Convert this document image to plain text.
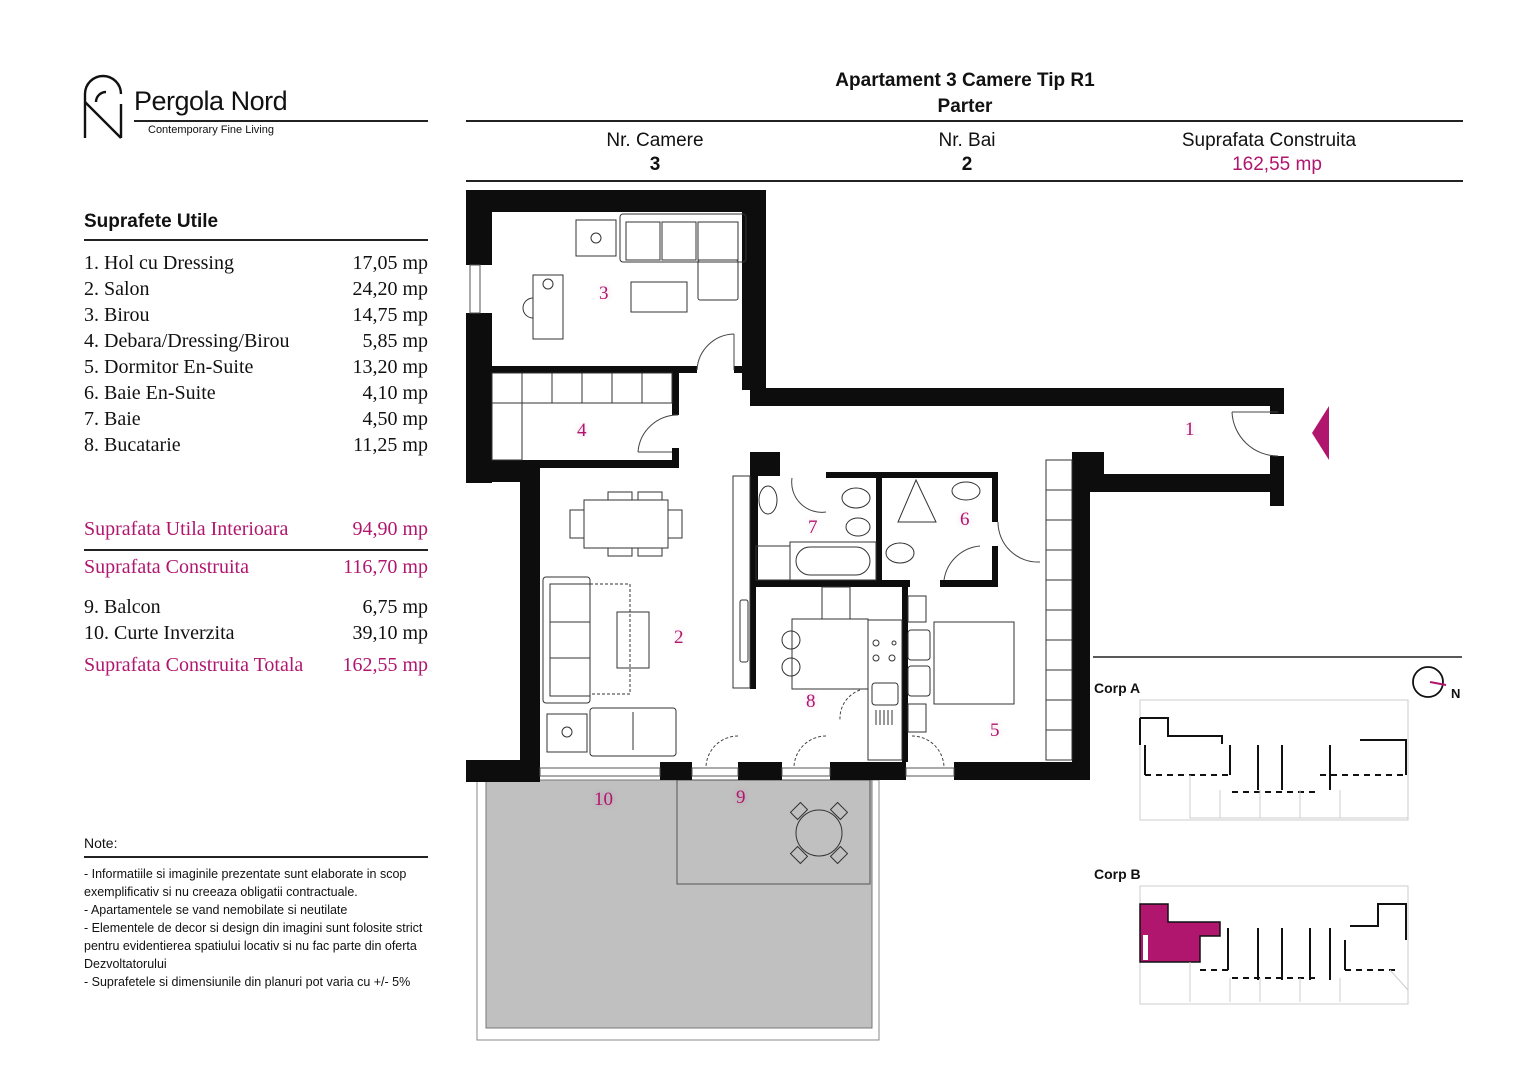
Pergola Nord
Contemporary Fine Living
Apartament 3 Camere Tip R1
Parter
Nr. Camere
3
Nr. Bai
2
Suprafata Construita
162,55 mp
Suprafete Utile
1. Hol cu Dressing	17,05 mp
2. Salon	24,20 mp
3. Birou	14,75 mp
4. Debara/Dressing/Birou	5,85 mp
5. Dormitor En-Suite	13,20 mp
6. Baie En-Suite	4,10 mp
7. Baie	4,50 mp
8. Bucatarie	11,25 mp
Suprafata Utila Interioara	94,90 mp
Suprafata Construita	116,70 mp
9. Balcon	6,75 mp
10. Curte Inverzita	39,10 mp
Suprafata Construita Totala 162,55 mp
Note:
- Informatiile si imaginile prezentate sunt elaborate in scop exemplificativ si nu creeaza obligatii contractuale.
- Apartamentele se vand nemobilate si neutilate
- Elementele de decor si design din imagini sunt folosite strict pentru evidentierea spatiului locativ si nu fac parte din oferta Dezvoltatorului
- Suprafetele si dimensiunile din planuri pot varia cu +/- 5%
1
2
3
4
5
6
7
8
9
10
N
Corp A
Corp B
